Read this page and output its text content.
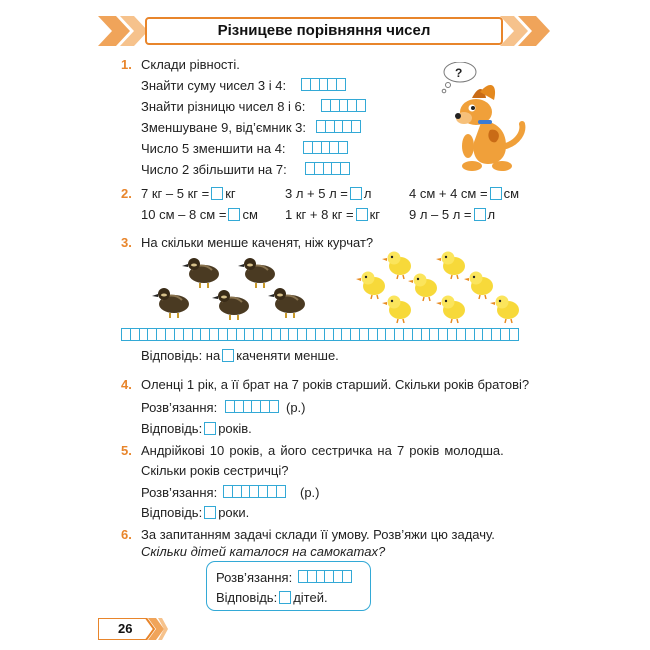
Різницеве порівняння чисел
1. Склади рівності.
Знайти суму чисел 3 і 4:
Знайти різницю чисел 8 і 6:
Зменшуване 9, від’ємник 3:
Число 5 зменшити на 4:
Число 2 збільшити на 7:
?
2. 7 кг – 5 кг = кг	3 л + 5 л = л	4 см + 4 см = см
10 см – 8 см = см 1 кг + 8 кг = кг 9 л – 5 л = л
3. На скільки менше каченят, ніж курчат?
Відповідь: на каченяти менше.
4. Оленці 1 рік, а її брат на 7 років старший. Скільки років братові?
Розв’язання:	(р.)
Відповідь: років.
5. Андрійкові 10 років, а його сестричка на 7 років молодша.
Скільки років сестричці?
Розв’язання:	(р.)
Відповідь: роки.
6. За запитанням задачі склади її умову. Розв’яжи цю задачу.
Скільки дітей каталося на самокатах?
Розв’язання:
Відповідь: дітей.
26
